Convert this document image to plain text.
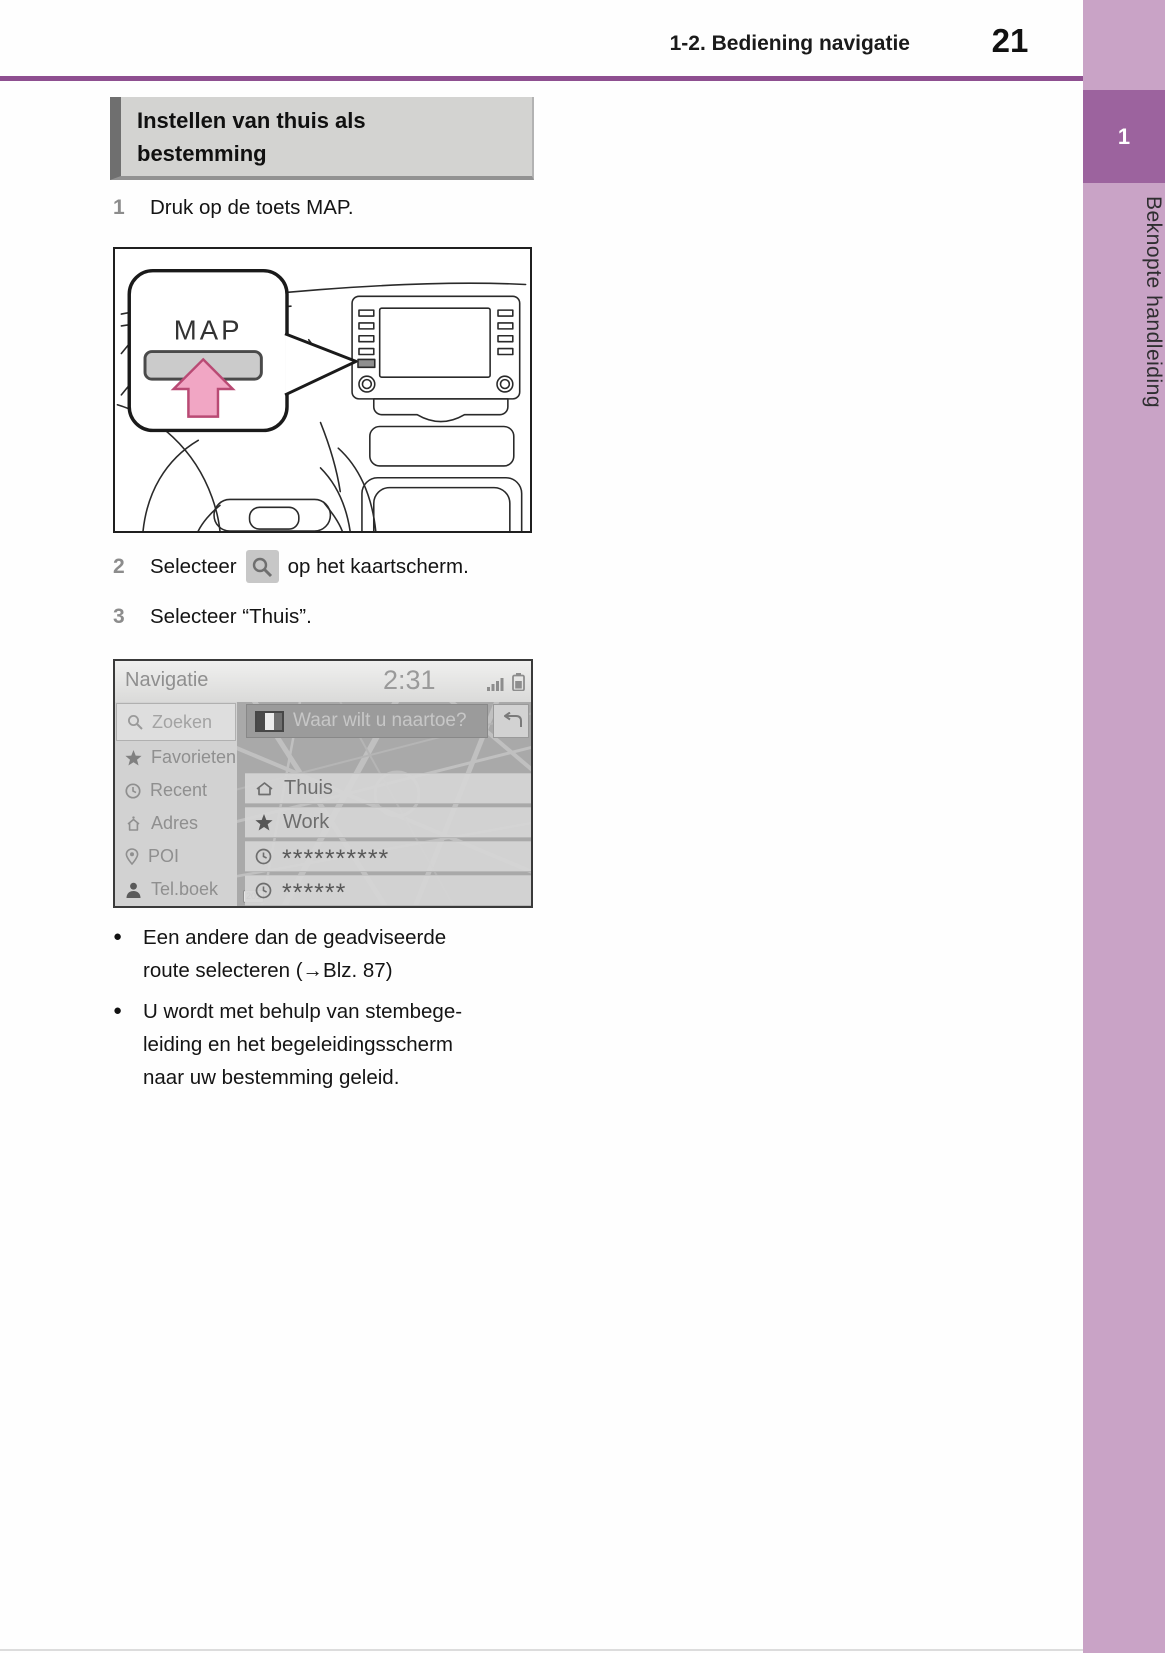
1-2. Bediening navigatie	21
1
Beknopte handleiding
Instellen van thuis als
bestemming
1	Druk op de toets MAP.
MAP
2	Selecteer op het kaartscherm.
3	Selecteer “Thuis”.
Navigatie	2:31
Zoeken
Favorieten
Recent
Adres
POI
Tel.boek
Waar wilt u naartoe?
Thuis
Work
**********
******
●	Een andere dan de geadviseerde
route selecteren (→Blz. 87)
●	U wordt met behulp van stembege-
leiding en het begeleidingsscherm
naar uw bestemming geleid.
